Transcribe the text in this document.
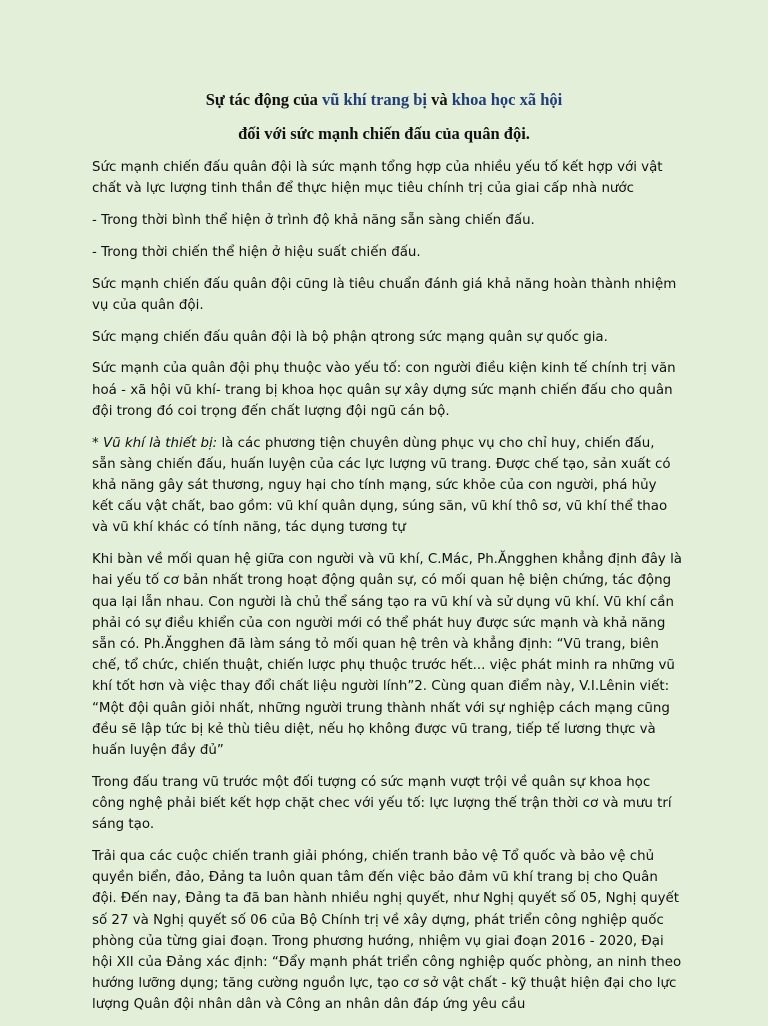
Sự tác động của vũ khí trang bị và khoa học xã hội
đối với sức mạnh chiến đấu của quân đội.

Sức mạnh chiến đấu quân đội là sức mạnh tổng hợp của nhiều yếu tố kết hợp với vật chất và lực lượng tinh thần để thực hiện mục tiêu chính trị của giai cấp nhà nước

- Trong thời bình thể hiện ở trình độ khả năng sẵn sàng chiến đấu.

- Trong thời chiến thể hiện ở hiệu suất chiến đấu.

Sức mạnh chiến đấu quân đội cũng là tiêu chuẩn đánh giá khả năng hoàn thành nhiệm vụ của quân đội.

Sức mạng chiến đấu quân đội là bộ phận qtrong sức mạng quân sự quốc gia.

Sức mạnh của quân đội phụ thuộc vào yếu tố: con người điều kiện kinh tế chính trị văn hoá - xã hội vũ khí- trang bị khoa học quân sự xây dựng sức mạnh chiến đấu cho quân đội trong đó coi trọng đến chất lượng đội ngũ cán bộ.

* Vũ khí là thiết bị: là các phương tiện chuyên dùng phục vụ cho chỉ huy, chiến đấu, sẵn sàng chiến đấu, huấn luyện của các lực lượng vũ trang. Được chế tạo, sản xuất có khả năng gây sát thương, nguy hại cho tính mạng, sức khỏe của con người, phá hủy kết cấu vật chất, bao gồm: vũ khí quân dụng, súng săn, vũ khí thô sơ, vũ khí thể thao và vũ khí khác có tính năng, tác dụng tương tự

Khi bàn về mối quan hệ giữa con người và vũ khí, C.Mác, Ph.Ăngghen khẳng định đây là hai yếu tố cơ bản nhất trong hoạt động quân sự, có mối quan hệ biện chứng, tác động qua lại lẫn nhau. Con người là chủ thể sáng tạo ra vũ khí và sử dụng vũ khí. Vũ khí cần phải có sự điều khiển của con người mới có thể phát huy được sức mạnh và khả năng sẵn có. Ph.Ăngghen đã làm sáng tỏ mối quan hệ trên và khẳng định: “Vũ trang, biên chế, tổ chức, chiến thuật, chiến lược phụ thuộc trước hết... việc phát minh ra những vũ khí tốt hơn và việc thay đổi chất liệu người lính”2. Cùng quan điểm này, V.I.Lênin viết: “Một đội quân giỏi nhất, những người trung thành nhất với sự nghiệp cách mạng cũng đều sẽ lập tức bị kẻ thù tiêu diệt, nếu họ không được vũ trang, tiếp tế lương thực và huấn luyện đầy đủ”

Trong đấu trang vũ trước một đối tượng có sức mạnh vượt trội về quân sự khoa học công nghệ phải biết kết hợp chặt chec với yếu tố: lực lượng thế trận thời cơ và mưu trí sáng tạo.

Trải qua các cuộc chiến tranh giải phóng, chiến tranh bảo vệ Tổ quốc và bảo vệ chủ quyền biển, đảo, Đảng ta luôn quan tâm đến việc bảo đảm vũ khí trang bị cho Quân đội. Đến nay, Đảng ta đã ban hành nhiều nghị quyết, như Nghị quyết số 05, Nghị quyết số 27 và Nghị quyết số 06 của Bộ Chính trị về xây dựng, phát triển công nghiệp quốc phòng của từng giai đoạn. Trong phương hướng, nhiệm vụ giai đoạn 2016 - 2020, Đại hội XII của Đảng xác định: “Đẩy mạnh phát triển công nghiệp quốc phòng, an ninh theo hướng lưỡng dụng; tăng cường nguồn lực, tạo cơ sở vật chất - kỹ thuật hiện đại cho lực lượng Quân đội nhân dân và Công an nhân dân đáp ứng yêu cầu
